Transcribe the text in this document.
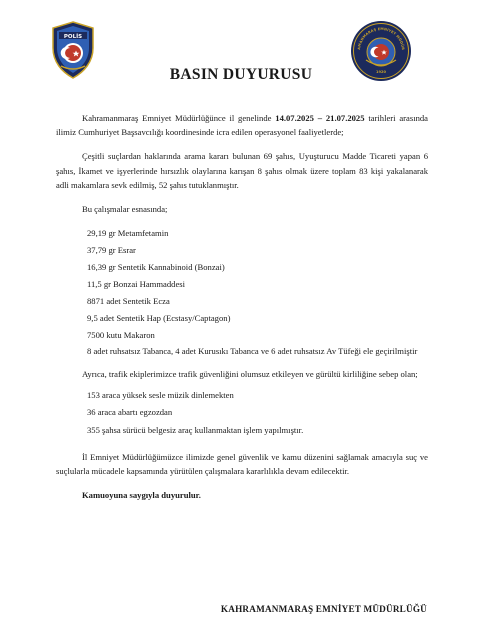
POLİS
AMANMARAŞ EMNİYET MÜDÜR
1920
BASIN DUYURUSU

Kahramanmaraş Emniyet Müdürlüğünce il genelinde 14.07.2025 – 21.07.2025 tarihleri arasında ilimiz Cumhuriyet Başsavcılığı koordinesinde icra edilen operasyonel faaliyetlerde;

Çeşitli suçlardan haklarında arama kararı bulunan 69 şahıs, Uyuşturucu Madde Ticareti yapan 6 şahıs, İkamet ve işyerlerinde hırsızlık olaylarına karışan 8 şahıs olmak üzere toplam 83 kişi yakalanarak adli makamlara sevk edilmiş, 52 şahıs tutuklanmıştır.

Bu çalışmalar esnasında;

29,19 gr Metamfetamin
37,79 gr Esrar
16,39 gr Sentetik Kannabinoid (Bonzai)
11,5 gr Bonzai Hammaddesi
8871 adet Sentetik Ecza
9,5 adet Sentetik Hap (Ecstasy/Captagon)
7500 kutu Makaron
8 adet ruhsatsız Tabanca, 4 adet Kurusıkı Tabanca ve 6 adet ruhsatsız Av Tüfeği ele geçirilmiştir

Ayrıca, trafik ekiplerimizce trafik güvenliğini olumsuz etkileyen ve gürültü kirliliğine sebep olan;

153 araca yüksek sesle müzik dinlemekten
36 araca abartı egzozdan
355 şahsa sürücü belgesiz araç kullanmaktan işlem yapılmıştır.

İl Emniyet Müdürlüğümüzce ilimizde genel güvenlik ve kamu düzenini sağlamak amacıyla suç ve suçlularla mücadele kapsamında yürütülen çalışmalara kararlılıkla devam edilecektir.

Kamuoyuna saygıyla duyurulur.

KAHRAMANMARAŞ EMNİYET MÜDÜRLÜĞÜ
